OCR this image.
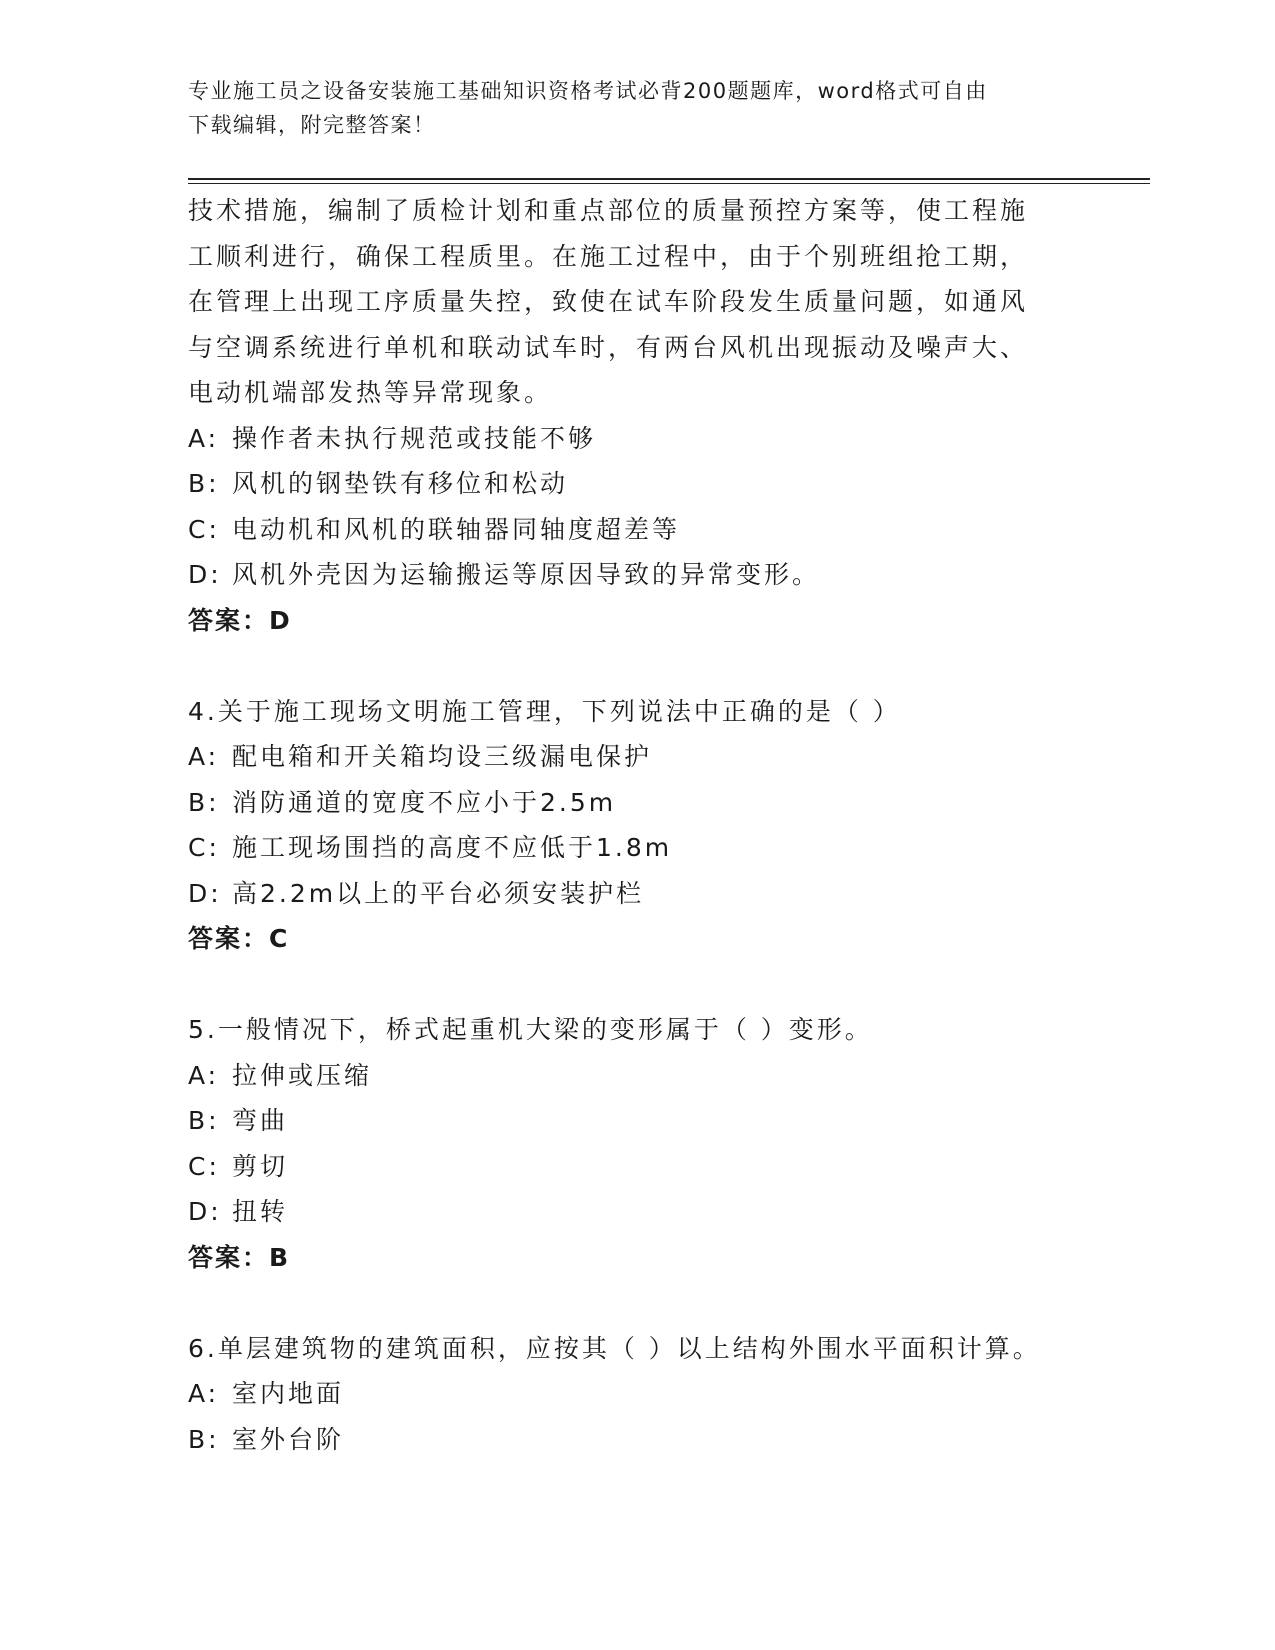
专业施工员之设备安装施工基础知识资格考试必背200题题库，word格式可自由
下载编辑，附完整答案！
技术措施，编制了质检计划和重点部位的质量预控方案等，使工程施
工顺利进行，确保工程质里。在施工过程中，由于个别班组抢工期，
在管理上出现工序质量失控，致使在试车阶段发生质量问题，如通风
与空调系统进行单机和联动试车时，有两台风机出现振动及噪声大、
电动机端部发热等异常现象。
A: 操作者未执行规范或技能不够
B: 风机的钢垫铁有移位和松动
C: 电动机和风机的联轴器同轴度超差等
D: 风机外壳因为运输搬运等原因导致的异常变形。
答案：D
4.关于施工现场文明施工管理，下列说法中正确的是（ ）
A: 配电箱和开关箱均设三级漏电保护
B: 消防通道的宽度不应小于2.5m
C: 施工现场围挡的高度不应低于1.8m
D: 高2.2m以上的平台必须安装护栏
答案：C
5.一般情况下，桥式起重机大梁的变形属于（ ）变形。
A: 拉伸或压缩
B: 弯曲
C: 剪切
D: 扭转
答案：B
6.单层建筑物的建筑面积，应按其（ ）以上结构外围水平面积计算。
A: 室内地面
B: 室外台阶
